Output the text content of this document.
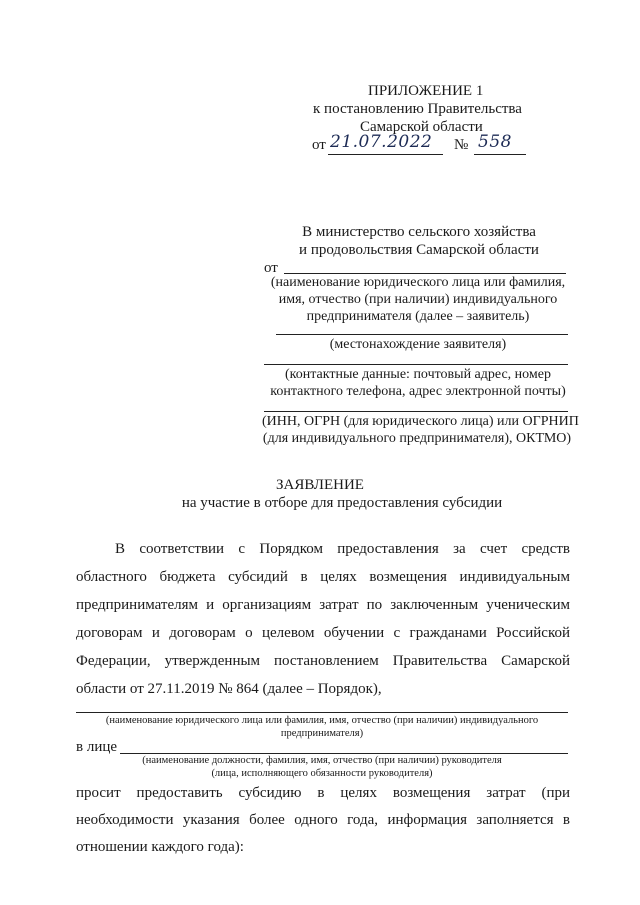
ПРИЛОЖЕНИЕ 1
к постановлению Правительства
Самарской области
от 21.07.2022 № 558
В министерство сельского хозяйства
и продовольствия Самарской области
от
(наименование юридического лица или фамилия,
имя, отчество (при наличии) индивидуального
предпринимателя (далее – заявитель)
(местонахождение заявителя)
(контактные данные: почтовый адрес, номер
контактного телефона, адрес электронной почты)
(ИНН, ОГРН (для юридического лица) или ОГРНИП
(для индивидуального предпринимателя), ОКТМО)
ЗАЯВЛЕНИЕ
на участие в отборе для предоставления субсидии
В соответствии с Порядком предоставления за счет средств
областного бюджета субсидий в целях возмещения индивидуальным
предпринимателям и организациям затрат по заключенным ученическим
договорам и договорам о целевом обучении с гражданами Российской
Федерации, утвержденным постановлением Правительства Самарской
области от 27.11.2019 № 864 (далее – Порядок),
(наименование юридического лица или фамилия, имя, отчество (при наличии) индивидуального
предпринимателя)
в лице
(наименование должности, фамилия, имя, отчество (при наличии) руководителя
(лица, исполняющего обязанности руководителя)
просит предоставить субсидию в целях возмещения затрат (при
необходимости указания более одного года, информация заполняется в
отношении каждого года):
